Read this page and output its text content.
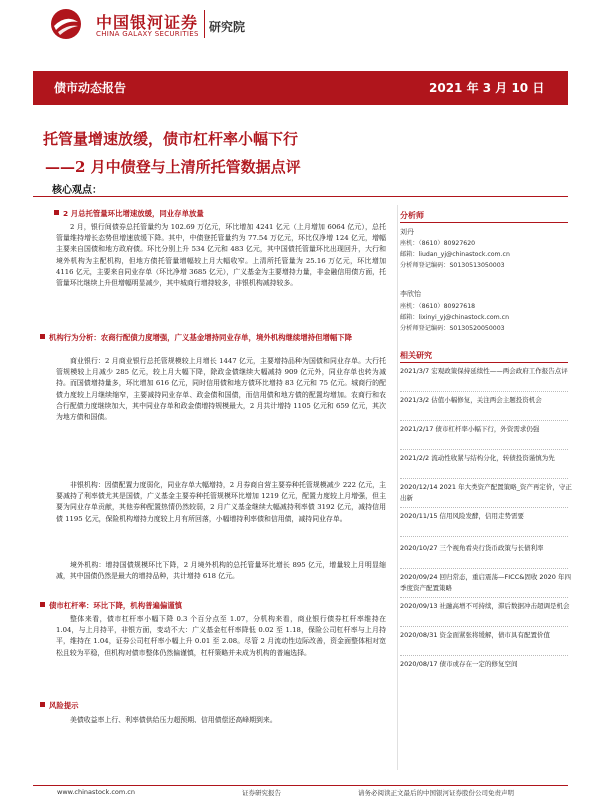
中国银河证券
CHINA GALAXY SECURITIES 研究院
债市动态报告	2021 年 3 月 10 日
托管量增速放缓，债市杠杆率小幅下行
——2 月中债登与上清所托管数据点评
核心观点：
2 月总托管量环比增速放缓，同业存单放量
2 月，银行间债券总托管量约为 102.69 万亿元，环比增加 4241 亿元（上月增加 6064 亿元），总托管量维持增长态势但增速放缓下降。其中，中债登托管量约为 77.54 万亿元，环比仅净增 124 亿元，增幅主要来自国债和地方政府债。环比分别上升 534 亿元和 483 亿元，其中国债托管量环比出现回升，大行和境外机构为主配机构，但地方债托管量增幅较上月大幅收窄。上清所托管量为 25.16 万亿元，环比增加 4116 亿元，主要来自同业存单（环比净增 3685 亿元），广义基金为主要增持力量，非金融信用债方面，托管量环比继续上升但增幅明显减少，其中城商行增持较多，非银机构减持较多。
机构行为分析：农商行配债力度增强，广义基金增持同业存单，境外机构继续增持但增幅下降
商业银行：2 月商业银行总托管规模较上月增长 1447 亿元，主要增持品种为国债和同业存单。大行托管规模较上月减少 285 亿元，较上月大幅下降，除政金债继续大幅减持 909 亿元外，同业存单也转为减持。而国债增持量多，环比增加 616 亿元，同时信用债和地方债环比增持 83 亿元和 75 亿元。城商行的配债力度较上月继续缩窄，主要减持同业存单、政金债和国债，而信用债和地方债的配置均增加。农商行和农合行配债力度继续加大，其中同业存单和政金债增持规模最大，2 月共计增持 1105 亿元和 659 亿元，其次为地方债和国债。
非银机构：因债配置力度弱化，同业存单大幅增持，2 月券商自营主要券种托管规模减少 222 亿元，主要减持了利率债尤其是国债，广义基金主要券种托管规模环比增加 1219 亿元，配置力度较上月增强，但主要为同业存单贡献，其他券种配置热情仍然较弱，2 月广义基金继续大幅减持利率债 3192 亿元，减持信用债 1195 亿元，保险机构增持力度较上月有所回落，小幅增持利率债和信用债，减持同业存单。
境外机构：增持国债规模环比下降，2 月境外机构的总托管量环比增长 895 亿元，增量较上月明显缩减，其中国债仍然是最大的增持品种，共计增持 618 亿元。
债市杠杆率：环比下降，机构普遍偏谨慎
整体来看，债市杠杆率小幅下降 0.3 个百分点至 1.07，分机构来看，商业银行债券杠杆率维持在 1.04，与上月持平，非银方面，变动不大：广义基金杠杆率降低 0.02 至 1.18，保险公司杠杆率与上月持平，维持在 1.04，证券公司杠杆率小幅上升 0.01 至 2.08。尽管 2 月流动性边际改善，资金面整体相对宽松且较为平稳，但机构对债市整体仍然偏谨慎，杠杆策略并未成为机构的普遍选择。
风险提示
美债收益率上行、利率债供给压力超预期、信用债偿还高峰期到来。
分析师
刘丹
座机：（8610）80927620
邮箱：liudan_yj@chinastock.com.cn
分析师登记编码：S0130513050003
李欣怡
座机：（8610）80927618
邮箱：lixinyi_yj@chinastock.com.cn
分析师登记编码：S0130520050003
相关研究
2021/3/7 宏观政策保持延续性——两会政府工作报告点评
2021/3/2 估值小幅修复，关注两会主题投资机会
2021/2/17 债市杠杆率小幅下行，外资需求仍强
2021/2/2 流动性收紧与结构分化，转债投资谨慎为先
2020/12/14 2021 年大类资产配置策略_资产再定价，守正出新
2020/11/15 信用风险发酵，信用走势需要
2020/10/27 三个视角看央行货币政策与长债利率
2020/09/24 回归常态，重启震荡—FICC&固收 2020 年四季度资产配置策略
2020/09/13 社融高增不可持续，滞后数据冲击超调是机会
2020/08/31 资金面紧张将缓解，债市具有配置价值
2020/08/17 债市或存在一定的修复空间
www.chinastock.com.cn	证券研究报告	请务必阅读正文最后的中国银河证券股份公司免责声明
